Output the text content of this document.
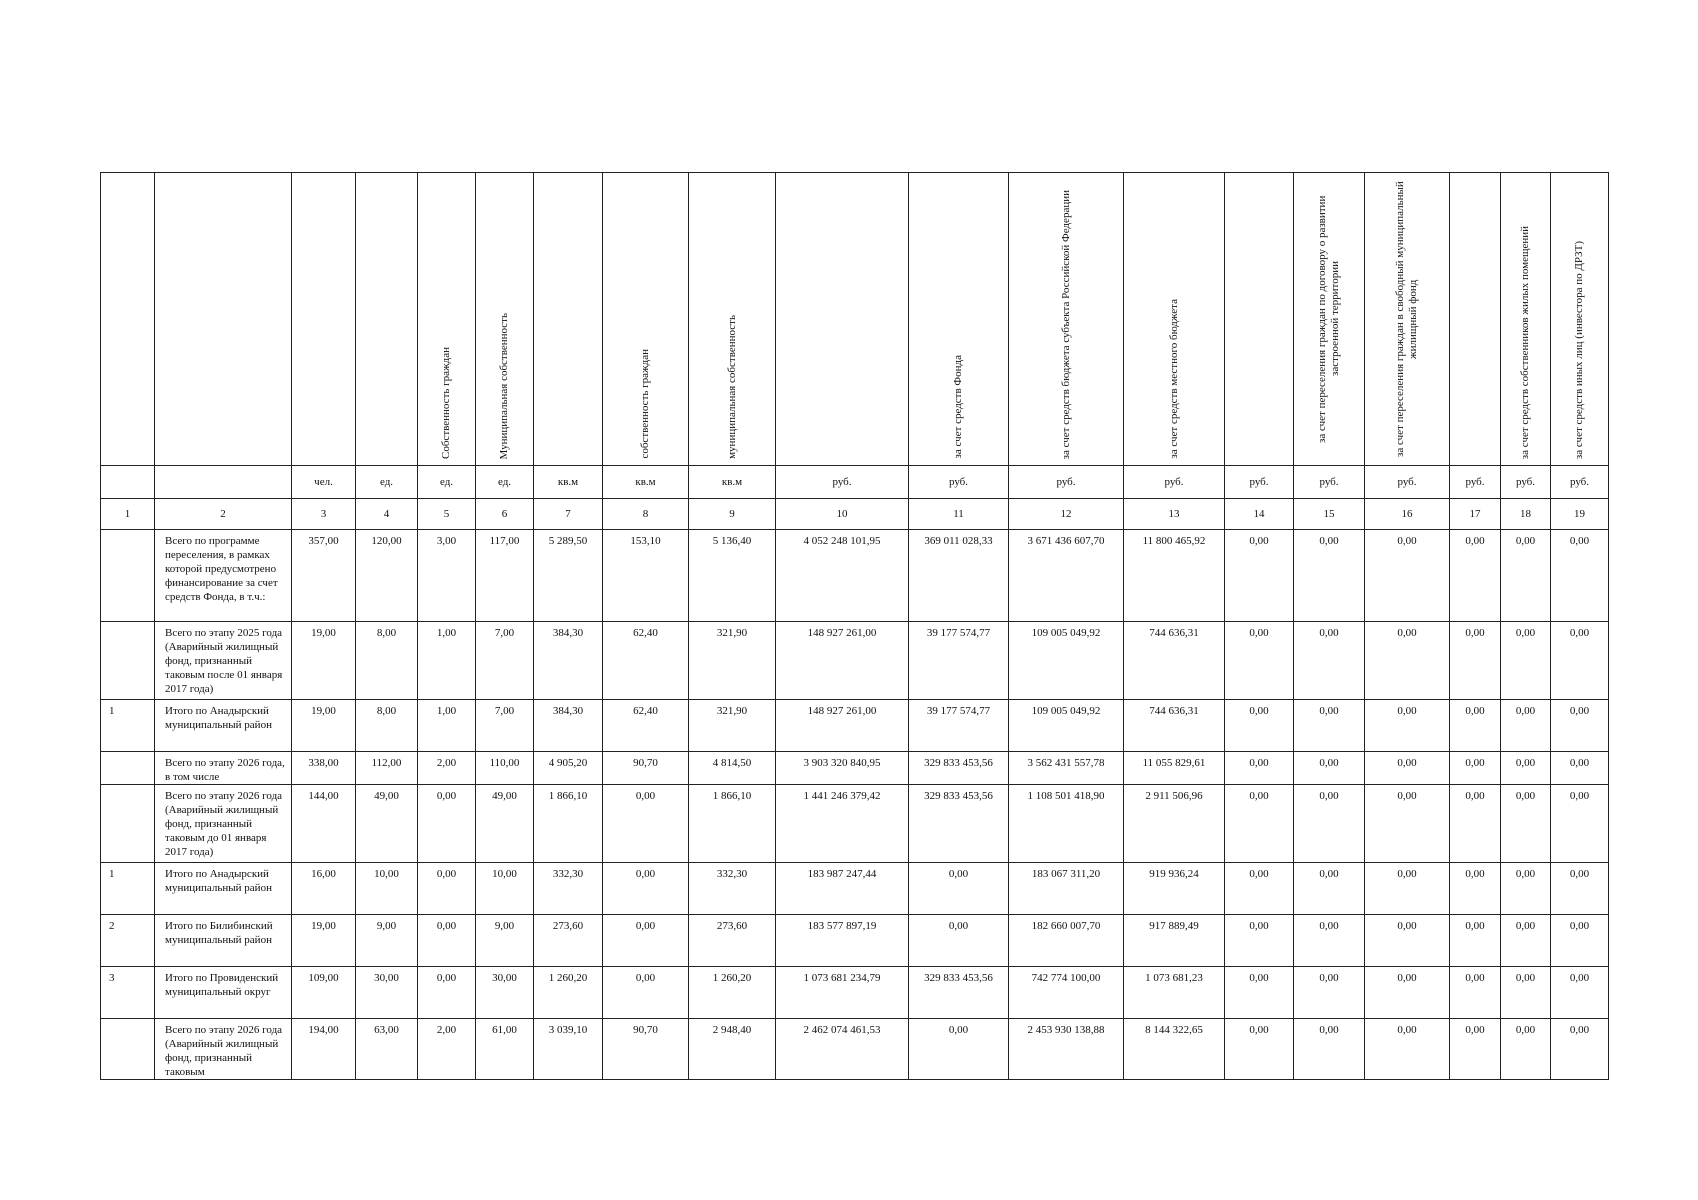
				Собственность граждан	Муниципальная собственность		собственность граждан	муниципальная собственность		за счет средств Фонда	за счет средств бюджета субъекта Российской Федерации	за счет средств местного бюджета		за счет переселения граждан по договору о развитии застроенной территории	за счет переселения граждан в свободный муниципальный жилищный фонд		за счет средств собственников жилых помещений	за счет средств иных лиц (инвестора по ДРЗТ)

		чел.	ед.	ед.	ед.	кв.м	кв.м	кв.м	руб.	руб.	руб.	руб.	руб.	руб.	руб.	руб.	руб.	руб.
1	2	3	4	5	6	7	8	9	10	11	12	13	14	15	16	17	18	19
	Всего по программе переселения, в рамках которой предусмотрено финансирование за счет средств Фонда, в т.ч.:	357,00	120,00	3,00	117,00	5 289,50	153,10	5 136,40	4 052 248 101,95	369 011 028,33	3 671 436 607,70	11 800 465,92	0,00	0,00	0,00	0,00	0,00	0,00
	Всего по этапу 2025 года (Аварийный жилищный фонд, признанный таковым после 01 января 2017 года)	19,00	8,00	1,00	7,00	384,30	62,40	321,90	148 927 261,00	39 177 574,77	109 005 049,92	744 636,31	0,00	0,00	0,00	0,00	0,00	0,00
1	Итого по Анадырский муниципальный район	19,00	8,00	1,00	7,00	384,30	62,40	321,90	148 927 261,00	39 177 574,77	109 005 049,92	744 636,31	0,00	0,00	0,00	0,00	0,00	0,00
	Всего по этапу 2026 года, в том числе	338,00	112,00	2,00	110,00	4 905,20	90,70	4 814,50	3 903 320 840,95	329 833 453,56	3 562 431 557,78	11 055 829,61	0,00	0,00	0,00	0,00	0,00	0,00
	Всего по этапу 2026 года (Аварийный жилищный фонд, признанный таковым до 01 января 2017 года)	144,00	49,00	0,00	49,00	1 866,10	0,00	1 866,10	1 441 246 379,42	329 833 453,56	1 108 501 418,90	2 911 506,96	0,00	0,00	0,00	0,00	0,00	0,00
1	Итого по Анадырский муниципальный район	16,00	10,00	0,00	10,00	332,30	0,00	332,30	183 987 247,44	0,00	183 067 311,20	919 936,24	0,00	0,00	0,00	0,00	0,00	0,00
2	Итого по Билибинский муниципальный район	19,00	9,00	0,00	9,00	273,60	0,00	273,60	183 577 897,19	0,00	182 660 007,70	917 889,49	0,00	0,00	0,00	0,00	0,00	0,00
3	Итого по Провиденский муниципальный округ	109,00	30,00	0,00	30,00	1 260,20	0,00	1 260,20	1 073 681 234,79	329 833 453,56	742 774 100,00	1 073 681,23	0,00	0,00	0,00	0,00	0,00	0,00
	Всего по этапу 2026 года (Аварийный жилищный фонд, признанный таковым	194,00	63,00	2,00	61,00	3 039,10	90,70	2 948,40	2 462 074 461,53	0,00	2 453 930 138,88	8 144 322,65	0,00	0,00	0,00	0,00	0,00	0,00
